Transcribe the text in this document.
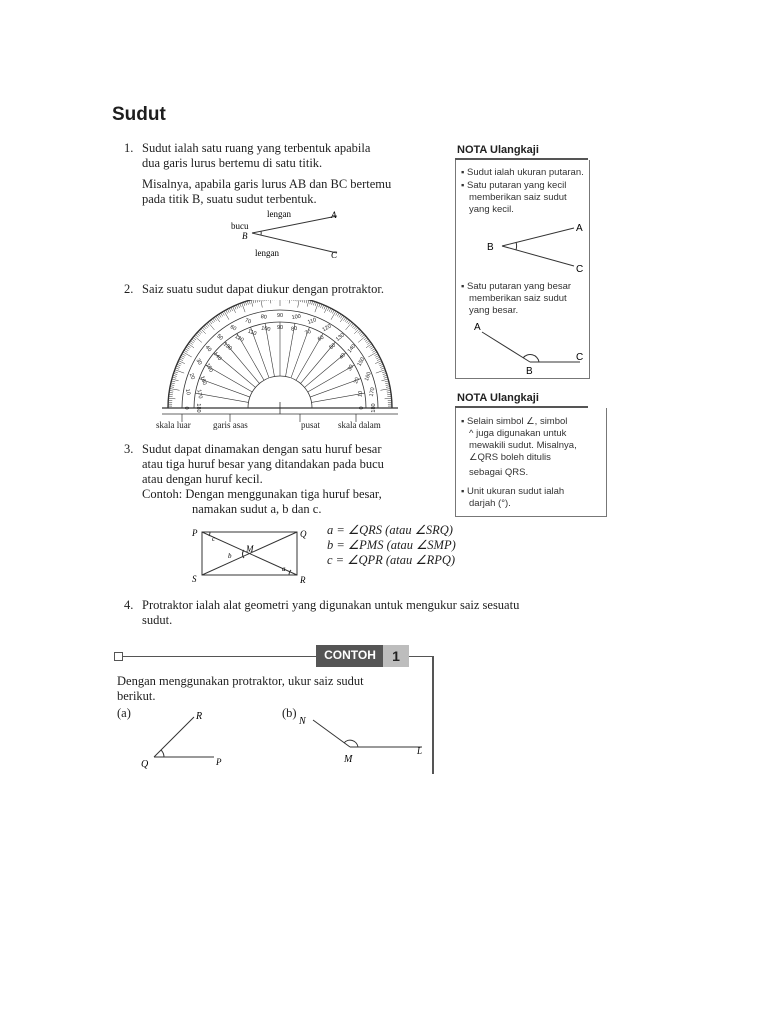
Sudut
1. Sudut ialah satu ruang yang terbentuk apabila
dua garis lurus bertemu di satu titik.
Misalnya, apabila garis lurus AB dan BC bertemu
pada titik B, suatu sudut terbentuk.
lengan
bucu
B
A
lengan	C
2. Saiz suatu sudut dapat diukur dengan protraktor.
0
10
20
30
40
50
60
70
80 90 100 110
120
130
140
150
160
170
180
180
170
160
150
140
130
120
110 100 90 80 70
60
50
40
30
20
10
0
skala luar garis asas	pusat skala dalam
3. Sudut dapat dinamakan dengan satu huruf besar
atau tiga huruf besar yang ditandakan pada bucu
atau dengan huruf kecil.
Contoh: Dengan menggunakan tiga huruf besar,
namakan sudut a, b dan c.
P	Q
S	R
M
a
b
c
a = ∠QRS (atau ∠SRQ)
b = ∠PMS (atau ∠SMP)
c = ∠QPR (atau ∠RPQ)
4. Protraktor ialah alat geometri yang digunakan untuk mengukur saiz sesuatu
sudut.
NOTA Ulangkaji
▪ Sudut ialah ukuran putaran.
▪ Satu putaran yang kecil
memberikan saiz sudut
yang kecil.
B
A
C
▪ Satu putaran yang besar
memberikan saiz sudut
yang besar.
A
B
C
NOTA Ulangkaji
▪ Selain simbol ∠, simbol
^ juga digunakan untuk
mewakili sudut. Misalnya,
∠QRS boleh ditulis
sebagai QRS.
▪ Unit ukuran sudut ialah
darjah (°).
CONTOH	1
Dengan menggunakan protraktor, ukur saiz sudut
berikut.
(a)	R
Q	P
(b)
N
M
L
